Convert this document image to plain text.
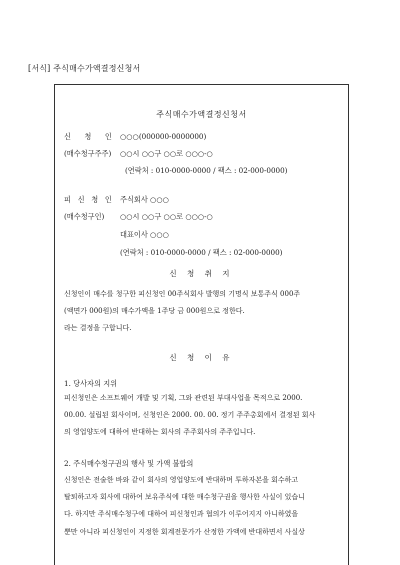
[서식] 주식매수가액결정신청서
주식매수가액결정신청서
신 청 인 ○○○(000000-0000000)
(매수청구주주) ○○시 ○○구 ○○로 ○○○-○
(연락처 : 010-0000-0000 / 팩스 : 02-000-0000)
피 신 청 인 주식회사 ○○○
(매수청구인) ○○시 ○○구 ○○로 ○○○-○
대표이사 ○○○
(연락처 : 010-0000-0000 / 팩스 : 02-000-0000)
신 청 취 지
신청인이 매수를 청구한 피신청인 00주식회사 발행의 기명식 보통주식 000주
(액면가 000원)의 매수가액을 1주당 금 000원으로 정한다.
라는 결정을 구합니다.
신 청 이 유
1. 당사자의 지위
피신청인은 소프트웨어 개발 및 기획, 그와 관련된 부대사업을 목적으로 2000.
00.00. 설립된 회사이며, 신청인은 2000. 00. 00. 정기 주주총회에서 결정된 회사
의 영업양도에 대하여 반대하는 회사의 주주회사의 주주입니다.
2. 주식매수청구권의 행사 및 가액 불합의
신청인은 전술한 바와 같이 회사의 영업양도에 반대하며 투하자본을 회수하고
탈퇴하고자 회사에 대하여 보유주식에 대한 매수청구권을 행사한 사실이 있습니
다. 하지만 주식매수청구에 대하여 피신청인과 협의가 이루어지지 아니하였을
뿐만 아니라 피신청인이 지정한 회계전문가가 산정한 가액에 반대하면서 사실상
